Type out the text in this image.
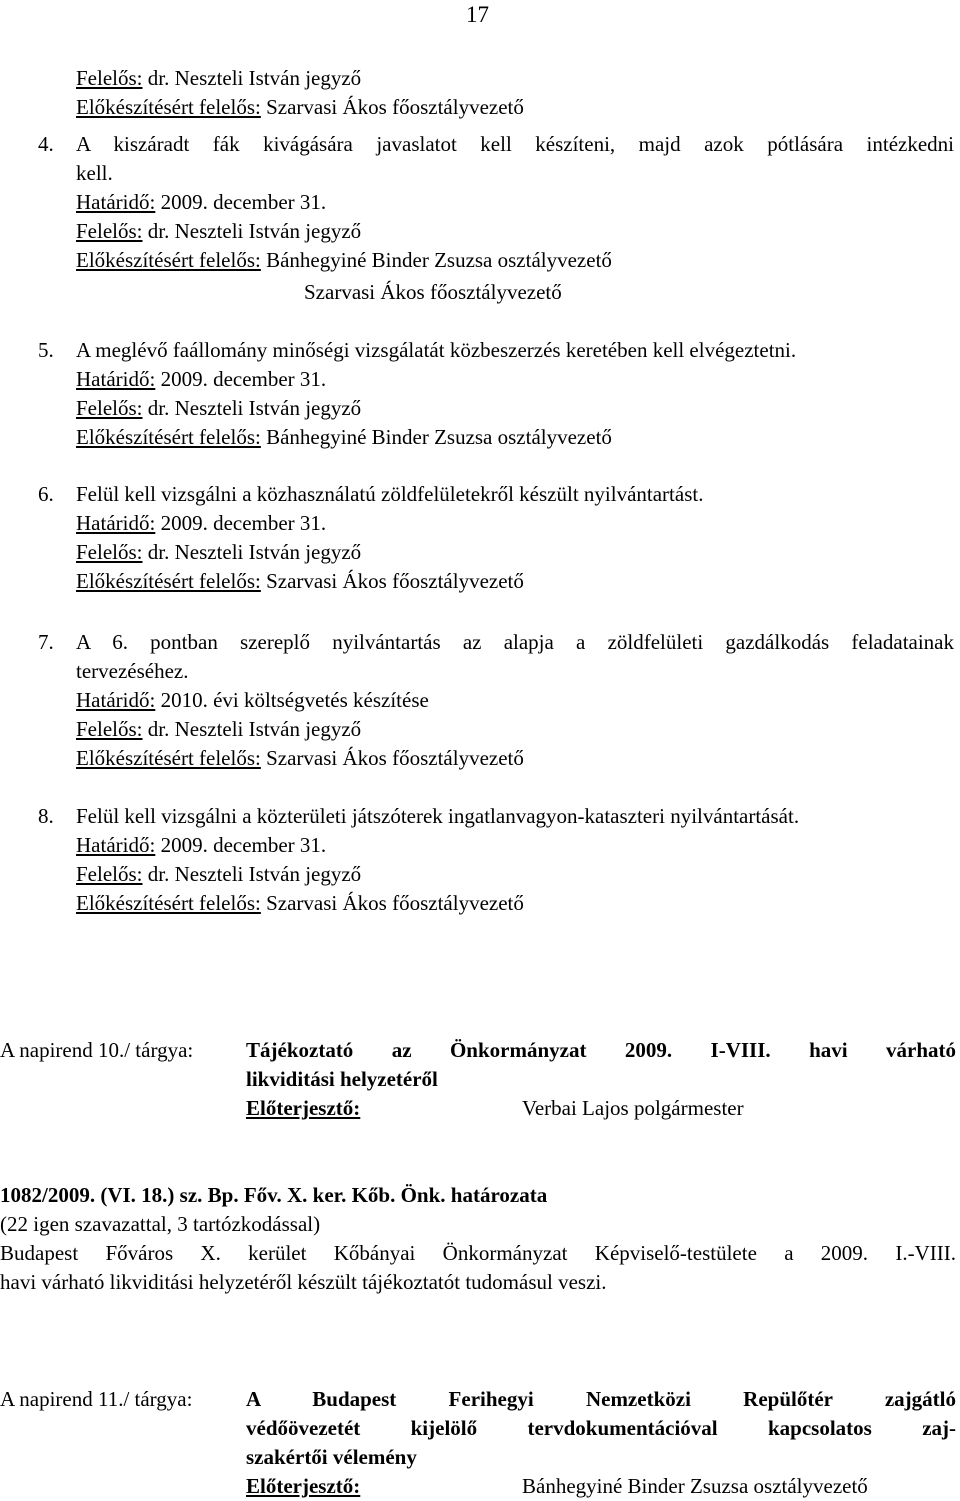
17
Felelős: dr. Neszteli István jegyző
Előkészítésért felelős: Szarvasi Ákos főosztályvezető
4. A kiszáradt fák kivágására javaslatot kell készíteni, majd azok pótlására intézkedni
kell.
Határidő: 2009. december 31.
Felelős: dr. Neszteli István jegyző
Előkészítésért felelős: Bánhegyiné Binder Zsuzsa osztályvezető
Szarvasi Ákos főosztályvezető
5. A meglévő faállomány minőségi vizsgálatát közbeszerzés keretében kell elvégeztetni.
Határidő: 2009. december 31.
Felelős: dr. Neszteli István jegyző
Előkészítésért felelős: Bánhegyiné Binder Zsuzsa osztályvezető
6. Felül kell vizsgálni a közhasználatú zöldfelületekről készült nyilvántartást.
Határidő: 2009. december 31.
Felelős: dr. Neszteli István jegyző
Előkészítésért felelős: Szarvasi Ákos főosztályvezető
7. A 6. pontban szereplő nyilvántartás az alapja a zöldfelületi gazdálkodás feladatainak
tervezéséhez.
Határidő: 2010. évi költségvetés készítése
Felelős: dr. Neszteli István jegyző
Előkészítésért felelős: Szarvasi Ákos főosztályvezető
8. Felül kell vizsgálni a közterületi játszóterek ingatlanvagyon-kataszteri nyilvántartását.
Határidő: 2009. december 31.
Felelős: dr. Neszteli István jegyző
Előkészítésért felelős: Szarvasi Ákos főosztályvezető
A napirend 10./ tárgya:	Tájékoztató az Önkormányzat 2009. I-VIII. havi várható
likviditási helyzetéről
Előterjesztő:	Verbai Lajos polgármester
1082/2009. (VI. 18.) sz. Bp. Főv. X. ker. Kőb. Önk. határozata
(22 igen szavazattal, 3 tartózkodással)
Budapest Főváros X. kerület Kőbányai Önkormányzat Képviselő-testülete a 2009. I.-VIII.
havi várható likviditási helyzetéről készült tájékoztatót tudomásul veszi.
A napirend 11./ tárgya:	A Budapest Ferihegyi Nemzetközi Repülőtér zajgátló
védőövezetét kijelölő tervdokumentációval kapcsolatos zaj-
szakértői vélemény
Előterjesztő:	Bánhegyiné Binder Zsuzsa osztályvezető
